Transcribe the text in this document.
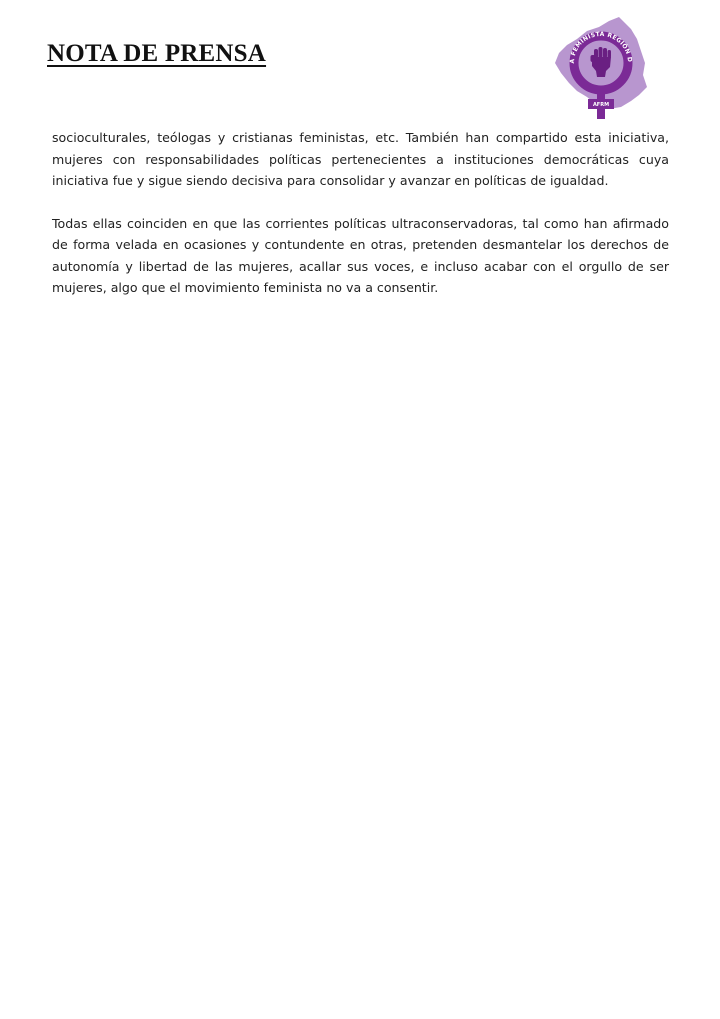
NOTA DE PRENSA	A FEMINISTA REGIÓN D
AFRM

socioculturales, teólogas y cristianas feministas, etc. También han compartido esta iniciativa, mujeres con responsabilidades políticas pertenecientes a instituciones democráticas cuya iniciativa fue y sigue siendo decisiva para consolidar y avanzar en políticas de igualdad.

Todas ellas coinciden en que las corrientes políticas ultraconservadoras, tal como han afirmado de forma velada en ocasiones y contundente en otras, pretenden desmantelar los derechos de autonomía y libertad de las mujeres, acallar sus voces, e incluso acabar con el orgullo de ser mujeres, algo que el movimiento feminista no va a consentir.
